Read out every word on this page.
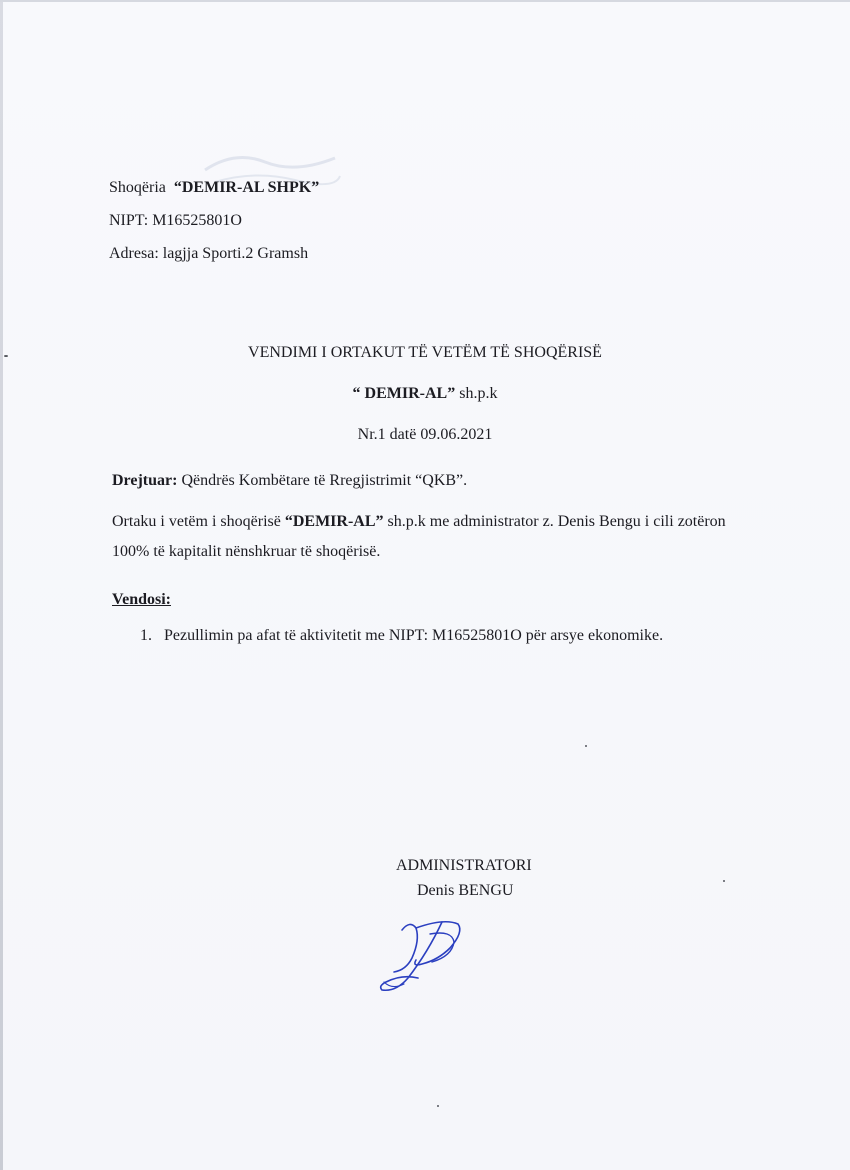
Shoqëria “DEMIR-AL SHPK”
NIPT: M16525801O
Adresa: lagjja Sporti.2 Gramsh
VENDIMI I ORTAKUT TË VETËM TË SHOQËRISË
“ DEMIR-AL” sh.p.k
Nr.1 datë 09.06.2021
Drejtuar: Qëndrës Kombëtare të Rregjistrimit “QKB”.
Ortaku i vetëm i shoqërisë “DEMIR-AL” sh.p.k me administrator z. Denis Bengu i cili zotëron
100% të kapitalit nënshkruar të shoqërisë.
Vendosi:
1. Pezullimin pa afat të aktivitetit me NIPT: M16525801O për arsye ekonomike.
ADMINISTRATORI
Denis BENGU
